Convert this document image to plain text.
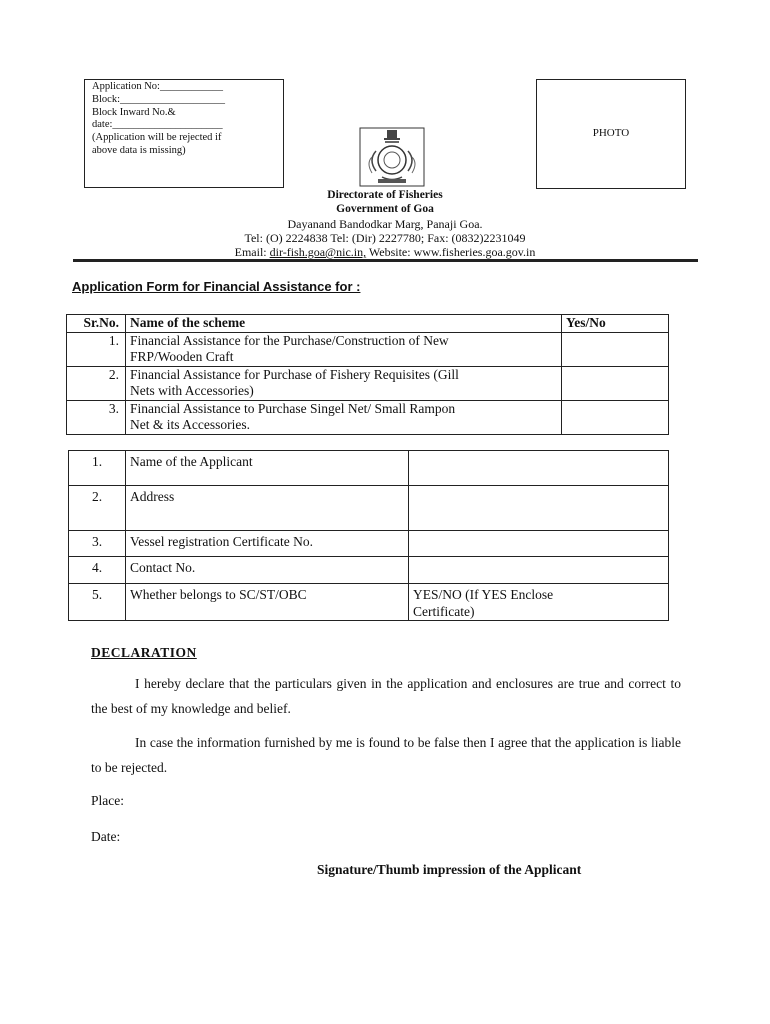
Application No:____________
Block:____________________
Block Inward No.&
date:_____________________
(Application will be rejected if
above data is missing)
PHOTO
Directorate of Fisheries
Government of Goa
Dayanand Bandodkar Marg, Panaji Goa.
Tel: (O) 2224838 Tel: (Dir) 2227780; Fax: (0832)2231049
Email: dir-fish.goa@nic.in, Website: www.fisheries.goa.gov.in
Application Form for Financial Assistance for :
Sr.No.	Name of the scheme	Yes/No
1.	Financial Assistance for the Purchase/Construction of New
FRP/Wooden Craft	

2.	Financial Assistance for Purchase of Fishery Requisites (Gill
Nets with Accessories)	

3.	Financial Assistance to Purchase Singel Net/ Small Rampon
Net & its Accessories.	

1.	Name of the Applicant	
2.	Address	
3.	Vessel registration Certificate No.	
4.	Contact No.	
5.	Whether belongs to SC/ST/OBC	YES/NO (If YES Enclose
Certificate)
DECLARATION
I hereby declare that the particulars given in the application and enclosures are true and correct to the best of my knowledge and belief.
In case the information furnished by me is found to be false then I agree that the application is liable to be rejected.
Place:
Date:
Signature/Thumb impression of the Applicant
